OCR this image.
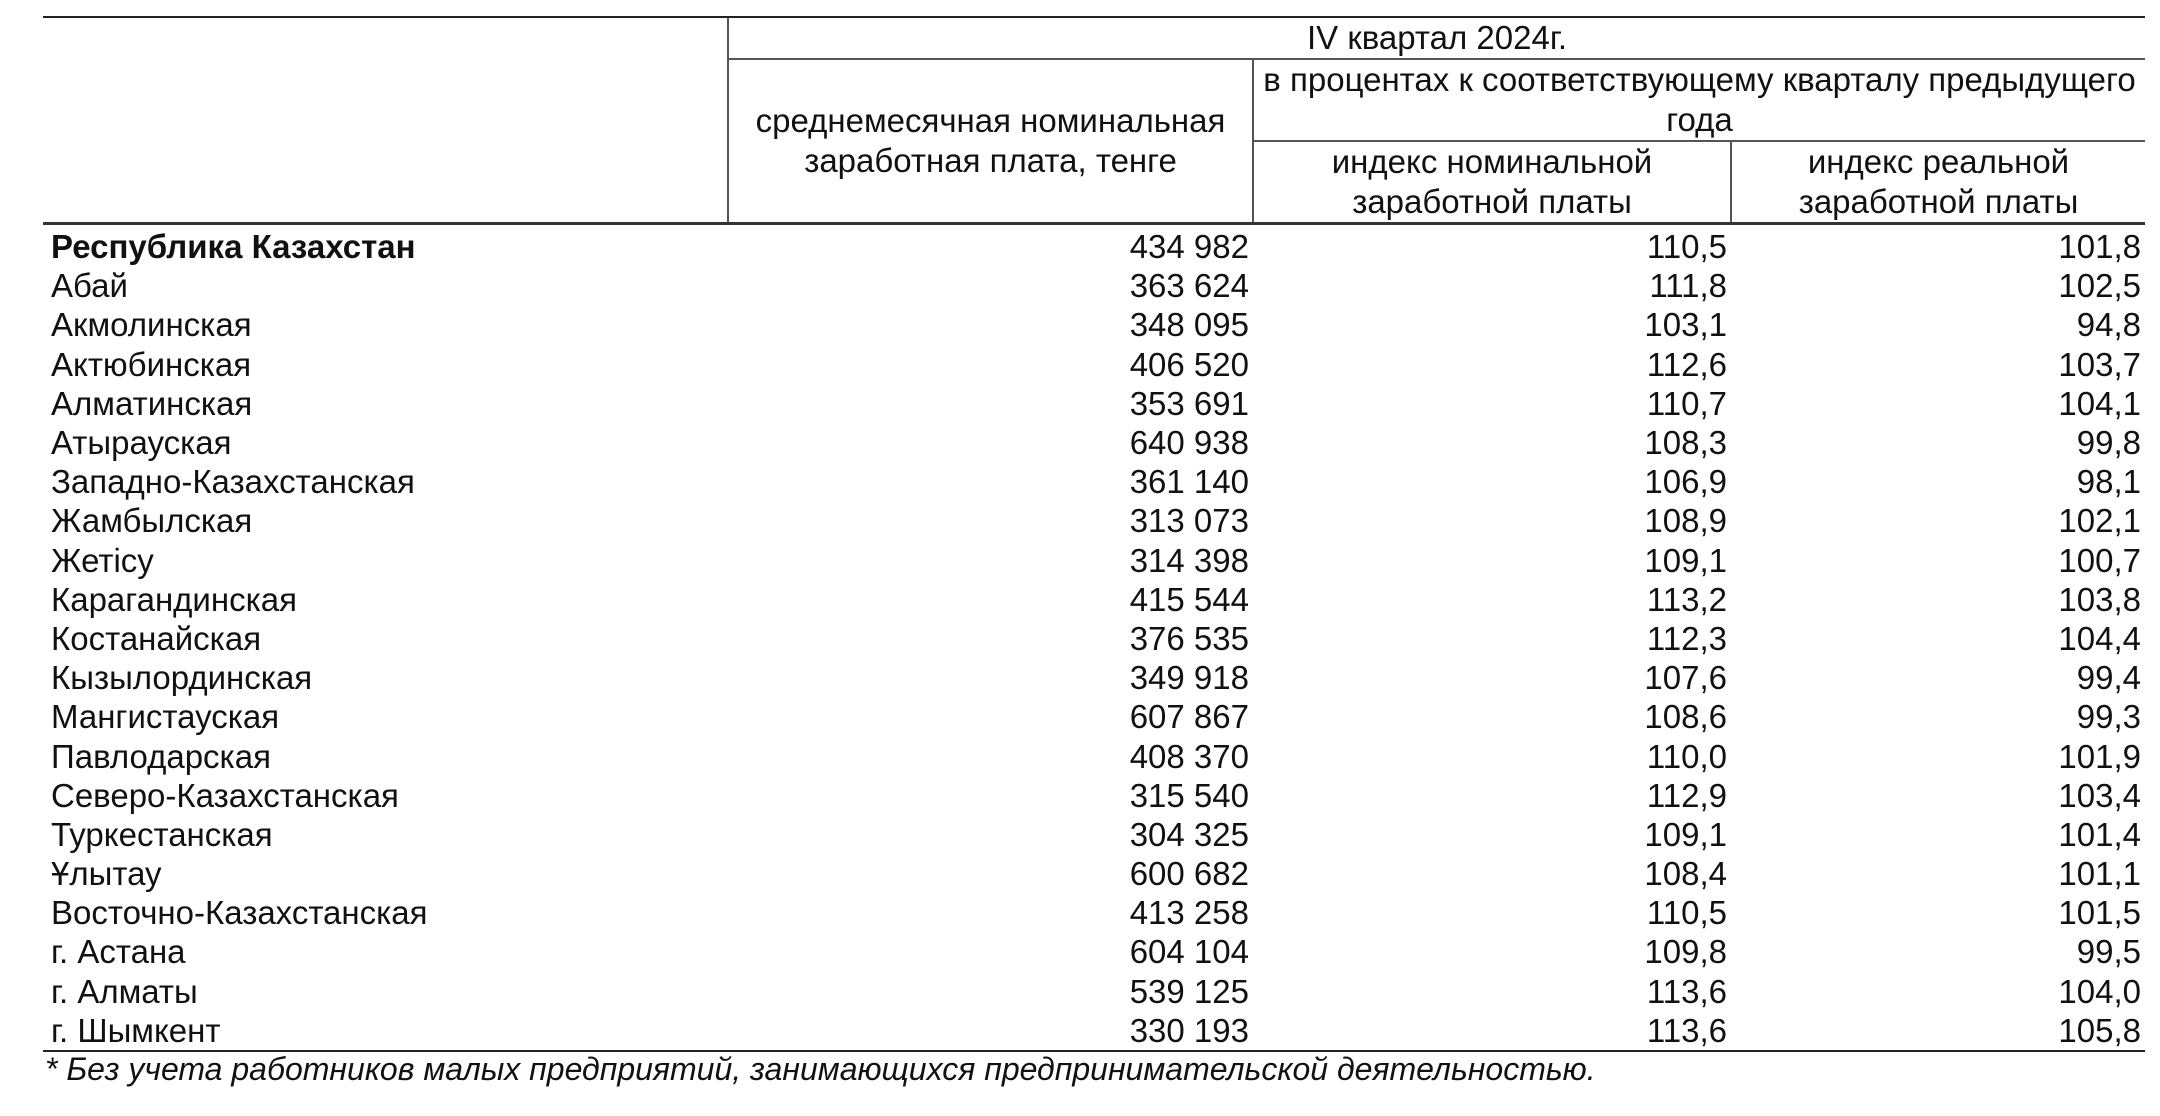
	IV квартал 2024г.		
	среднемесячная номинальная заработная плата, тенге	в процентах к соответствующему кварталу предыдущего года	
		индекс номинальной заработной платы	индекс реальной заработной платы
Республика Казахстан	434 982	110,5	101,8
Абай	363 624	111,8	102,5
Акмолинская	348 095	103,1	94,8
Актюбинская	406 520	112,6	103,7
Алматинская	353 691	110,7	104,1
Атырауская	640 938	108,3	99,8
Западно-Казахстанская	361 140	106,9	98,1
Жамбылская	313 073	108,9	102,1
Жетісу	314 398	109,1	100,7
Карагандинская	415 544	113,2	103,8
Костанайская	376 535	112,3	104,4
Кызылординская	349 918	107,6	99,4
Мангистауская	607 867	108,6	99,3
Павлодарская	408 370	110,0	101,9
Северо-Казахстанская	315 540	112,9	103,4
Туркестанская	304 325	109,1	101,4
Ұлытау	600 682	108,4	101,1
Восточно-Казахстанская	413 258	110,5	101,5
г. Астана	604 104	109,8	99,5
г. Алматы	539 125	113,6	104,0
г. Шымкент	330 193	113,6	105,8
* Без учета работников малых предприятий, занимающихся предпринимательской деятельностью.
